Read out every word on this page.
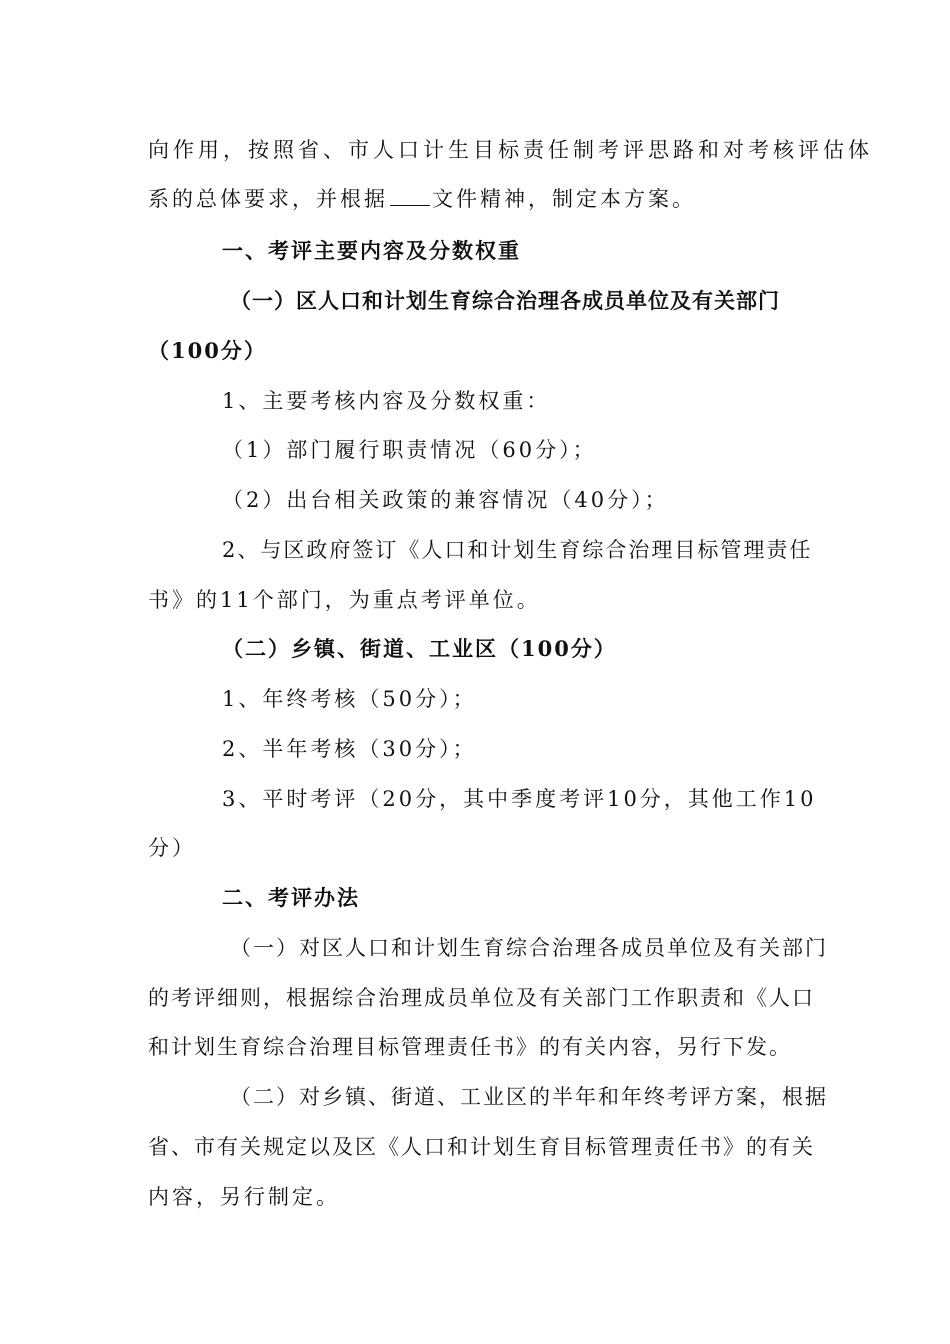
向作用，按照省、市人口计生目标责任制考评思路和对考核评估体
系的总体要求，并根据 文件精神，制定本方案。
一、考评主要内容及分数权重
（一）区人口和计划生育综合治理各成员单位及有关部门
（100分）
1、主要考核内容及分数权重：
（1）部门履行职责情况（60分）；
（2）出台相关政策的兼容情况（40分）；
2、与区政府签订《人口和计划生育综合治理目标管理责任
书》的11个部门，为重点考评单位。
（二）乡镇、街道、工业区（100分）
1、年终考核（50分）；
2、半年考核（30分）；
3、平时考评（20分，其中季度考评10分，其他工作10
分）
二、考评办法
（一）对区人口和计划生育综合治理各成员单位及有关部门
的考评细则，根据综合治理成员单位及有关部门工作职责和《人口
和计划生育综合治理目标管理责任书》的有关内容，另行下发。
（二）对乡镇、街道、工业区的半年和年终考评方案，根据
省、市有关规定以及区《人口和计划生育目标管理责任书》的有关
内容，另行制定。
